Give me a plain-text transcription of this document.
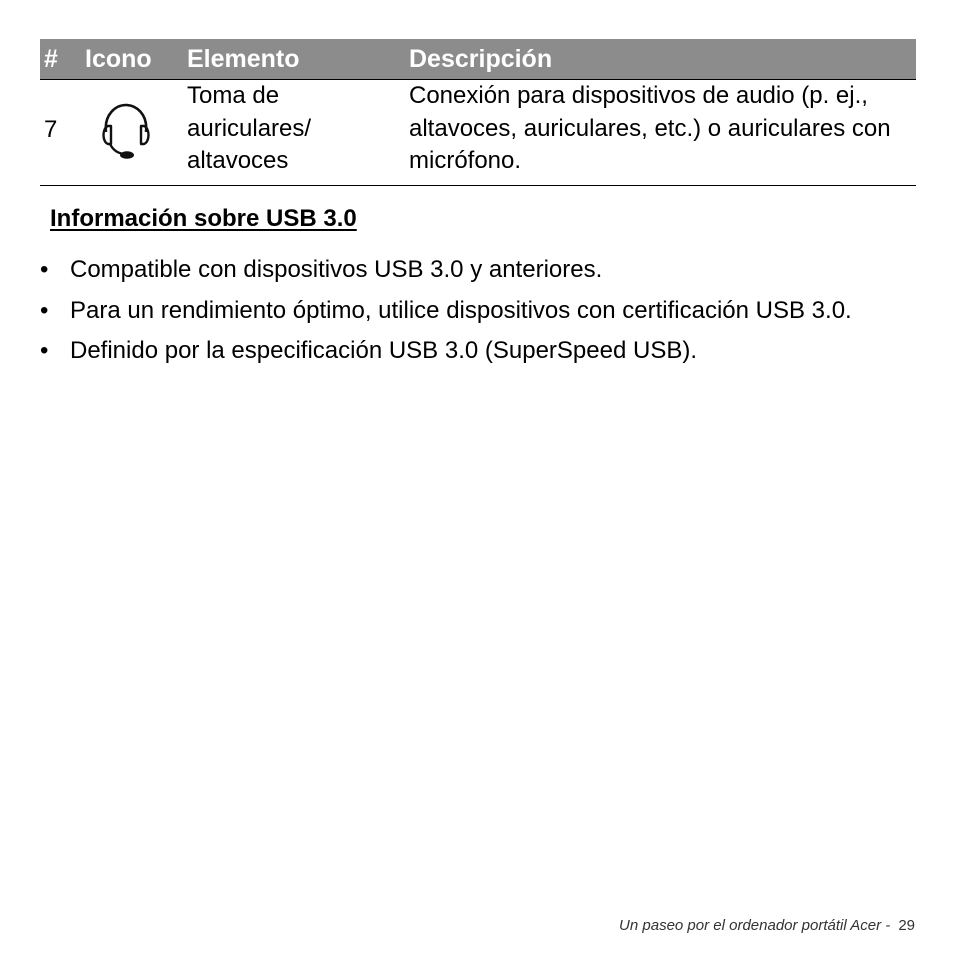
# Icono Elemento	Descripción
7
Toma de auriculares/ altavoces
Conexión para dispositivos de audio (p. ej., altavoces, auriculares, etc.) o auriculares con micrófono.
Información sobre USB 3.0
• Compatible con dispositivos USB 3.0 y anteriores.
• Para un rendimiento óptimo, utilice dispositivos con certificación USB 3.0.
• Definido por la especificación USB 3.0 (SuperSpeed USB).
Un paseo por el ordenador portátil Acer - 29
